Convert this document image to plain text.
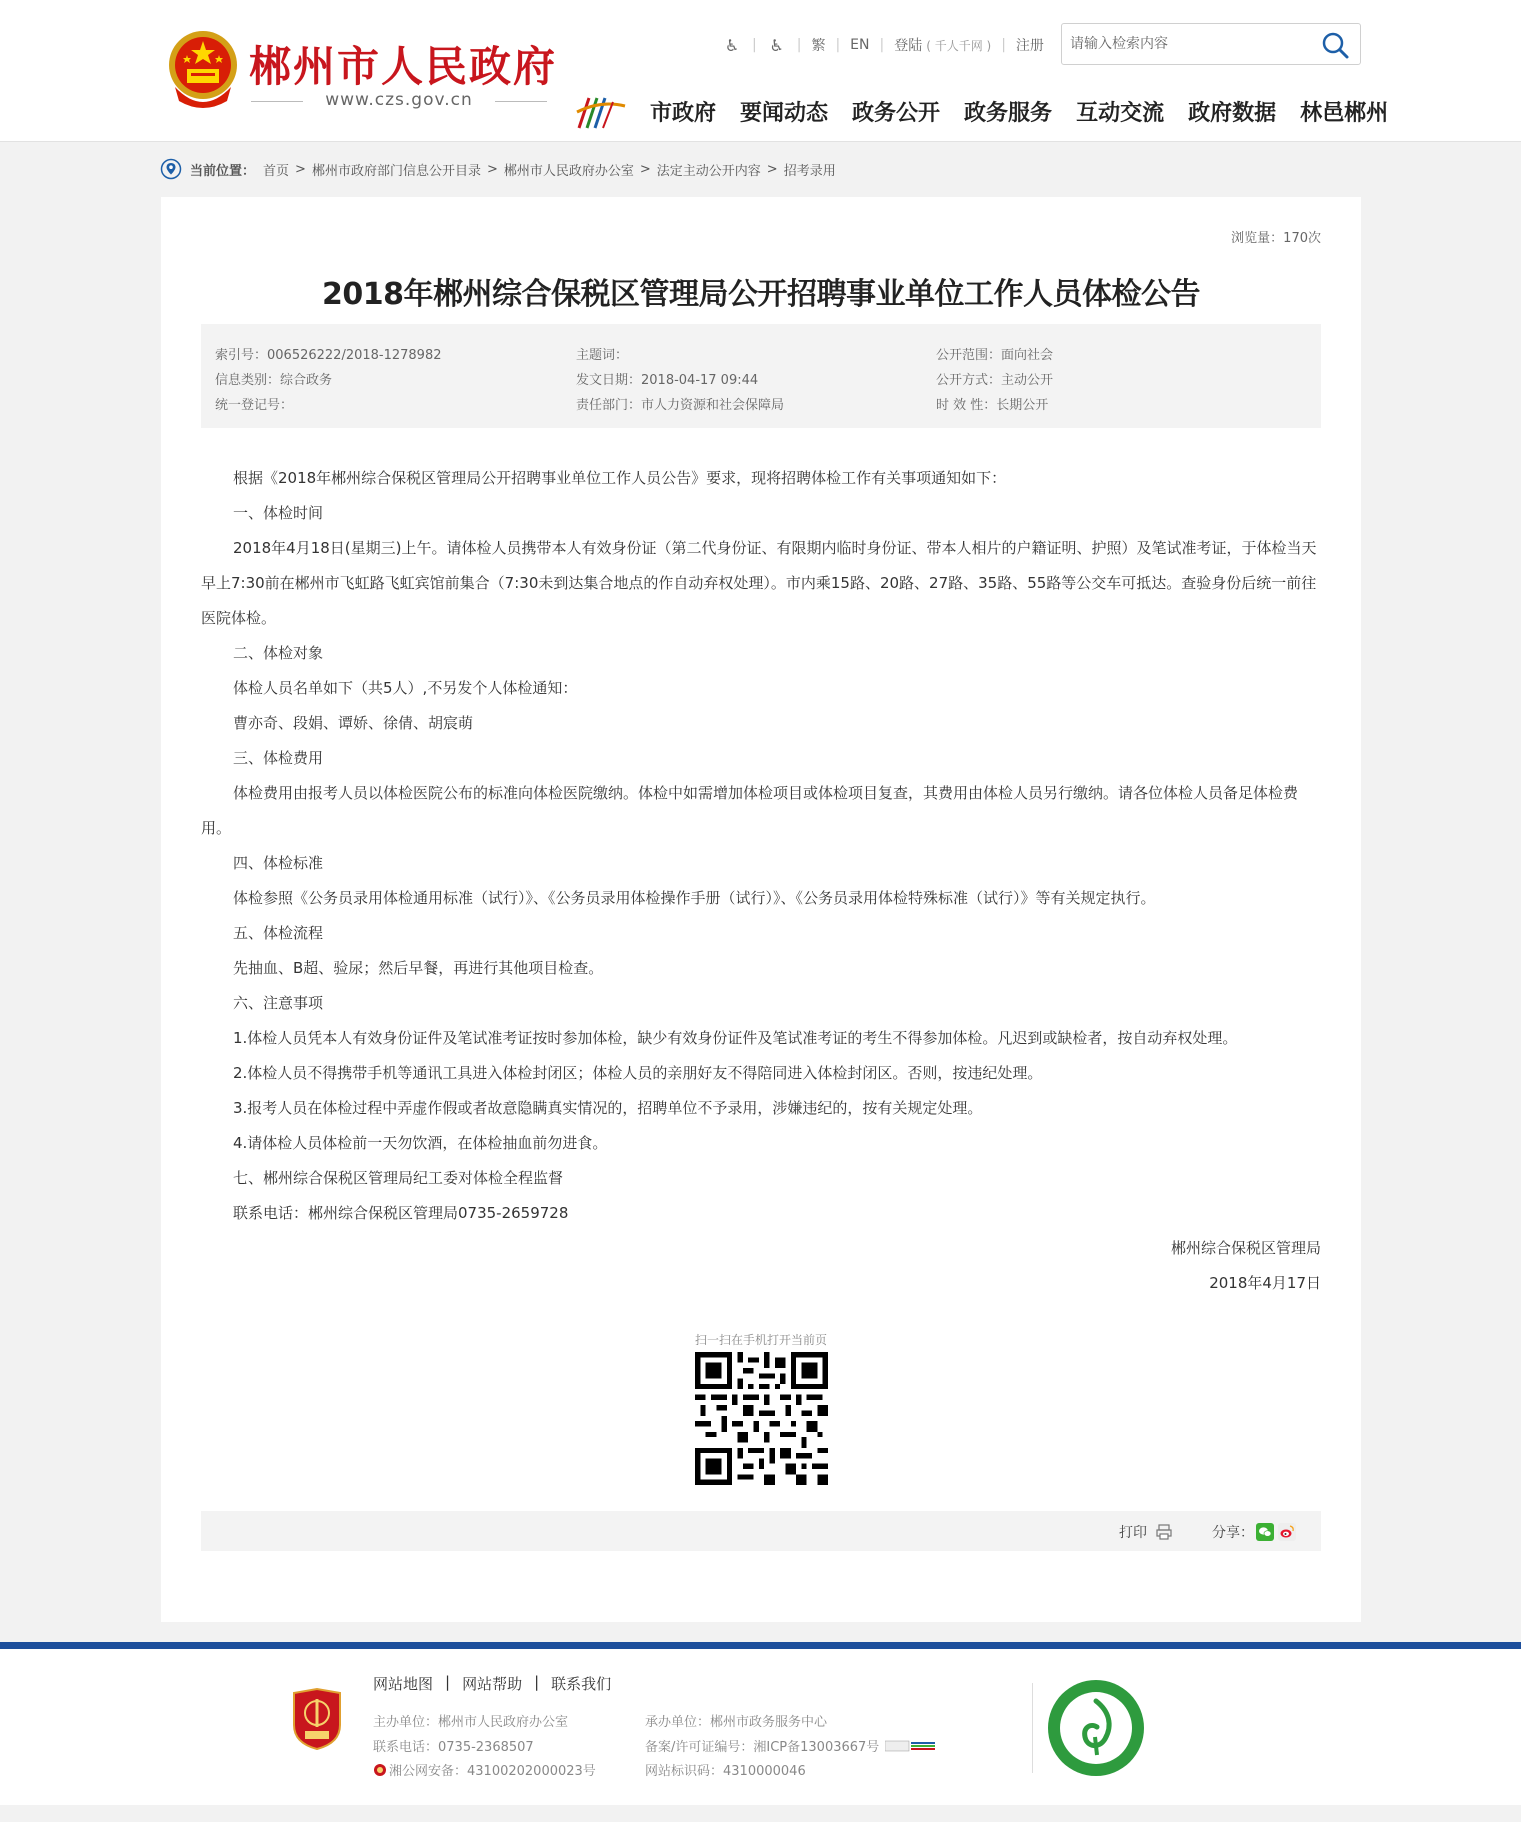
郴州市人民政府
www.czs.gov.cn
♿ | ♿ | 繁 | EN | 登陆 ( 千人千网 ) | 注册
请输入检索内容
市政府 要闻动态 政务公开 政务服务 互动交流 政府数据 林邑郴州
当前位置： 首页 > 郴州市政府部门信息公开目录 > 郴州市人民政府办公室 > 法定主动公开内容 > 招考录用
浏览量：170次
2018年郴州综合保税区管理局公开招聘事业单位工作人员体检公告
索引号：006526222/2018-1278982
信息类别：综合政务
统一登记号：
主题词：
发文日期：2018-04-17 09:44
责任部门：市人力资源和社会保障局
公开范围：面向社会
公开方式：主动公开
时 效 性：长期公开

根据《2018年郴州综合保税区管理局公开招聘事业单位工作人员公告》要求，现将招聘体检工作有关事项通知如下：

一、体检时间

2018年4月18日(星期三)上午。请体检人员携带本人有效身份证（第二代身份证、有限期内临时身份证、带本人相片的户籍证明、护照）及笔试准考证，于体检当天早上7:30前在郴州市飞虹路飞虹宾馆前集合（7:30未到达集合地点的作自动弃权处理）。市内乘15路、20路、27路、35路、55路等公交车可抵达。查验身份后统一前往医院体检。

二、体检对象

体检人员名单如下（共5人）,不另发个人体检通知：

曹亦奇、段娟、谭娇、徐倩、胡宸萌

三、体检费用

体检费用由报考人员以体检医院公布的标准向体检医院缴纳。体检中如需增加体检项目或体检项目复查，其费用由体检人员另行缴纳。请各位体检人员备足体检费用。

四、体检标准

体检参照《公务员录用体检通用标准（试行）》、《公务员录用体检操作手册（试行）》、《公务员录用体检特殊标准（试行）》等有关规定执行。

五、体检流程

先抽血、B超、验尿；然后早餐，再进行其他项目检查。

六、注意事项

1.体检人员凭本人有效身份证件及笔试准考证按时参加体检，缺少有效身份证件及笔试准考证的考生不得参加体检。凡迟到或缺检者，按自动弃权处理。

2.体检人员不得携带手机等通讯工具进入体检封闭区；体检人员的亲朋好友不得陪同进入体检封闭区。否则，按违纪处理。

3.报考人员在体检过程中弄虚作假或者故意隐瞒真实情况的，招聘单位不予录用，涉嫌违纪的，按有关规定处理。

4.请体检人员体检前一天勿饮酒，在体检抽血前勿进食。

七、郴州综合保税区管理局纪工委对体检全程监督

联系电话：郴州综合保税区管理局0735-2659728

郴州综合保税区管理局

2018年4月17日

扫一扫在手机打开当前页
打印	分享：
网站地图 | 网站帮助 | 联系我们
主办单位：郴州市人民政府办公室
联系电话：0735-2368507
湘公网安备：43100202000023号
承办单位：郴州市政务服务中心
备案/许可证编号：湘ICP备13003667号
网站标识码：4310000046
